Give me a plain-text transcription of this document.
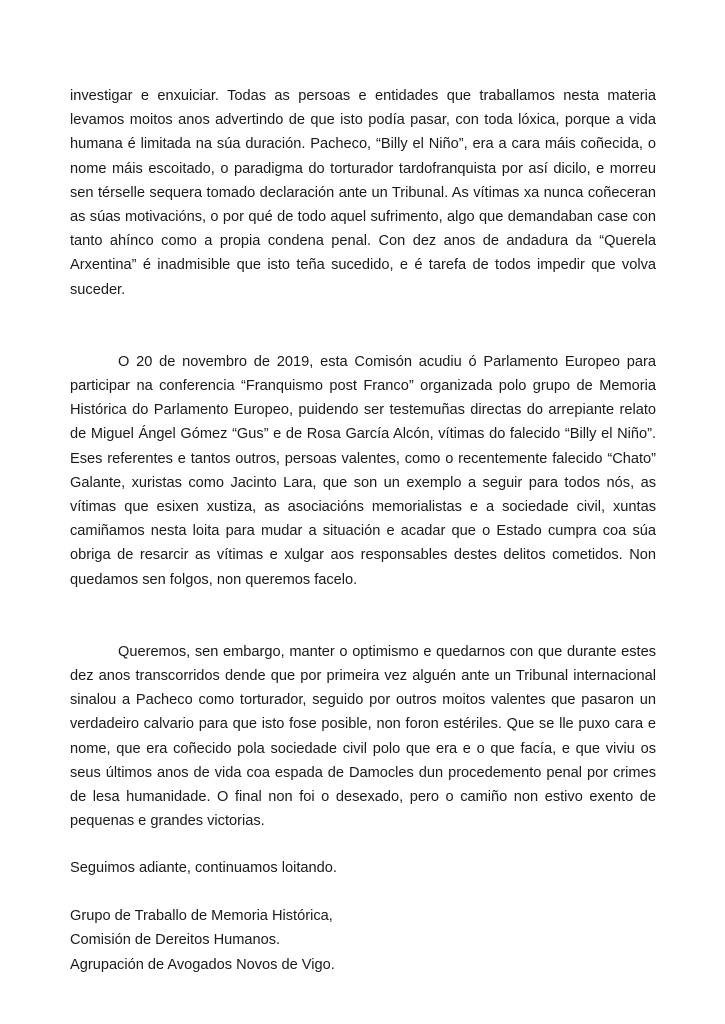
investigar e enxuiciar. Todas as persoas e entidades que traballamos nesta materia levamos moitos anos advertindo de que isto podía pasar, con toda lóxica, porque a vida humana é limitada na súa duración. Pacheco, “Billy el Niño”, era a cara máis coñecida, o nome máis escoitado, o paradigma do torturador tardofranquista por así dicilo, e morreu sen térselle sequera tomado declaración ante un Tribunal. As vítimas xa nunca coñeceran as súas motivacións, o por qué de todo aquel sufrimento, algo que demandaban case con tanto ahínco como a propia condena penal. Con dez anos de andadura da “Querela Arxentina” é inadmisible que isto teña sucedido, e é tarefa de todos impedir que volva suceder.

O 20 de novembro de 2019, esta Comisón acudiu ó Parlamento Europeo para participar na conferencia “Franquismo post Franco” organizada polo grupo de Memoria Histórica do Parlamento Europeo, puidendo ser testemuñas directas do arrepiante relato de Miguel Ángel Gómez “Gus” e de Rosa García Alcón, vítimas do falecido “Billy el Niño”. Eses referentes e tantos outros, persoas valentes, como o recentemente falecido “Chato” Galante, xuristas como Jacinto Lara, que son un exemplo a seguir para todos nós, as vítimas que esixen xustiza, as asociacións memorialistas e a sociedade civil, xuntas camiñamos nesta loita para mudar a situación e acadar que o Estado cumpra coa súa obriga de resarcir as vítimas e xulgar aos responsables destes delitos cometidos. Non quedamos sen folgos, non queremos facelo.

Queremos, sen embargo, manter o optimismo e quedarnos con que durante estes dez anos transcorridos dende que por primeira vez alguén ante un Tribunal internacional sinalou a Pacheco como torturador, seguido por outros moitos valentes que pasaron un verdadeiro calvario para que isto fose posible, non foron estériles. Que se lle puxo cara e nome, que era coñecido pola sociedade civil polo que era e o que facía, e que viviu os seus últimos anos de vida coa espada de Damocles dun procedemento penal por crimes de lesa humanidade. O final non foi o desexado, pero o camiño non estivo exento de pequenas e grandes victorias.

Seguimos adiante, continuamos loitando.

Grupo de Traballo de Memoria Histórica,

Comisión de Dereitos Humanos.

Agrupación de Avogados Novos de Vigo.
